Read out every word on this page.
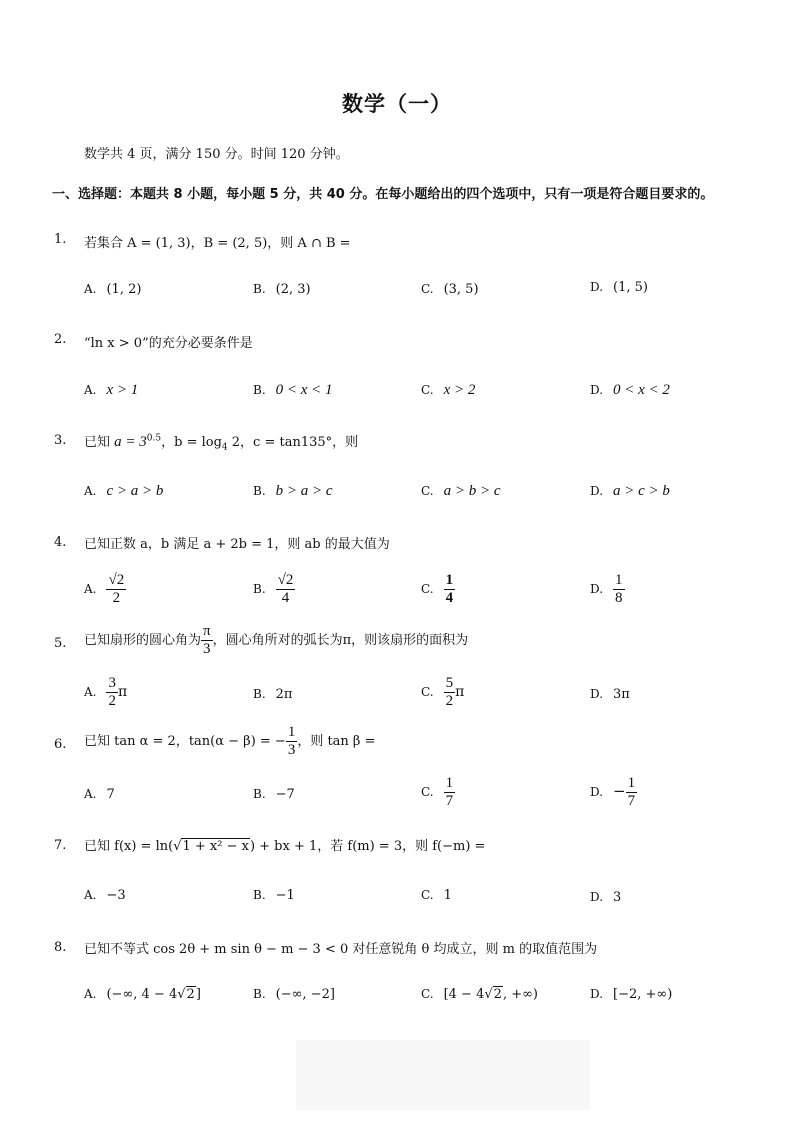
数学（一）
数学共 4 页，满分 150 分。时间 120 分钟。
一、选择题：本题共 8 小题，每小题 5 分，共 40 分。在每小题给出的四个选项中，只有一项是符合题目要求的。
1. 若集合 A = (1, 3)，B = (2, 5)，则 A ∩ B =
A. (1, 2)	B. (2, 3)	C. (3, 5)	D. (1, 5)
2. “ln x > 0”的充分必要条件是
A. x > 1	B. 0 < x < 1	C. x > 2	D. 0 < x < 2
3. 已知 $a = 3^{0.5}$，$b = \log_4 2$，c = tan135°，则
A. c > a > b	B. b > a > c	C. a > b > c	D. a > c > b
4. 已知正数 a，b 满足 a + 2b = 1，则 ab 的最大值为
A. $\frac{√2}{2}$	B. $\frac{√2}{4}$	C. $\frac{1}{4}$	D. $\frac{1}{8}$
5. 已知扇形的圆心角为 $\frac{\pi}{3}$ ，圆心角所对的弧长为π，则该扇形的面积为
A. $\frac{3}{2}$ π	B. 2π	C. $\frac{5}{2}$ π	D. 3π
6. 已知 tan α = 2，tan(α − β) = − $\frac{1}{3}$ ，则 tan β =
A. 7	B. −7	C. $\frac{1}{7}$	D. − $\frac{1}{7}$
7. 已知 f(x) = ln(√1 + x² − x) + bx + 1，若 f(m) = 3，则 f(−m) =
A. −3	B. −1	C. 1	D. 3
8. 已知不等式 cos 2θ + m sin θ − m − 3 < 0 对任意锐角 θ 均成立，则 m 的取值范围为
A. (−∞, 4 − 4√2]	B. (−∞, −2]	C. [4 − 4√2, +∞)	D. [−2, +∞)
